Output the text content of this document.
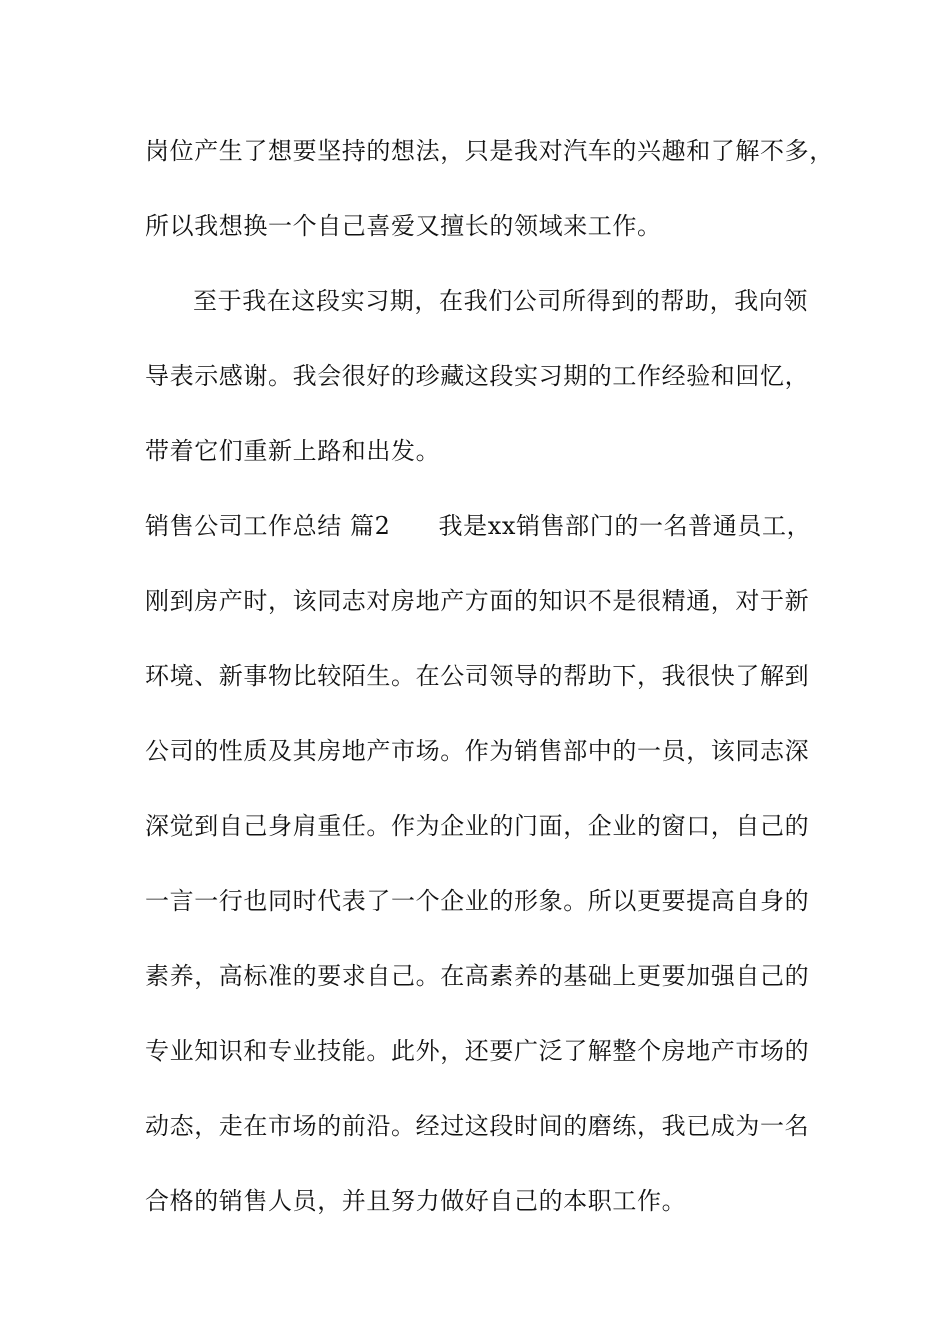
岗位产生了想要坚持的想法，只是我对汽车的兴趣和了解不多，
所以我想换一个自己喜爱又擅长的领域来工作。
至于我在这段实习期，在我们公司所得到的帮助，我向领
导表示感谢。我会很好的珍藏这段实习期的工作经验和回忆，
带着它们重新上路和出发。
销售公司工作总结 篇2 我是xx销售部门的一名普通员工，
刚到房产时，该同志对房地产方面的知识不是很精通，对于新
环境、新事物比较陌生。在公司领导的帮助下，我很快了解到
公司的性质及其房地产市场。作为销售部中的一员，该同志深
深觉到自己身肩重任。作为企业的门面，企业的窗口，自己的
一言一行也同时代表了一个企业的形象。所以更要提高自身的
素养，高标准的要求自己。在高素养的基础上更要加强自己的
专业知识和专业技能。此外，还要广泛了解整个房地产市场的
动态，走在市场的前沿。经过这段时间的磨练，我已成为一名
合格的销售人员，并且努力做好自己的本职工作。
